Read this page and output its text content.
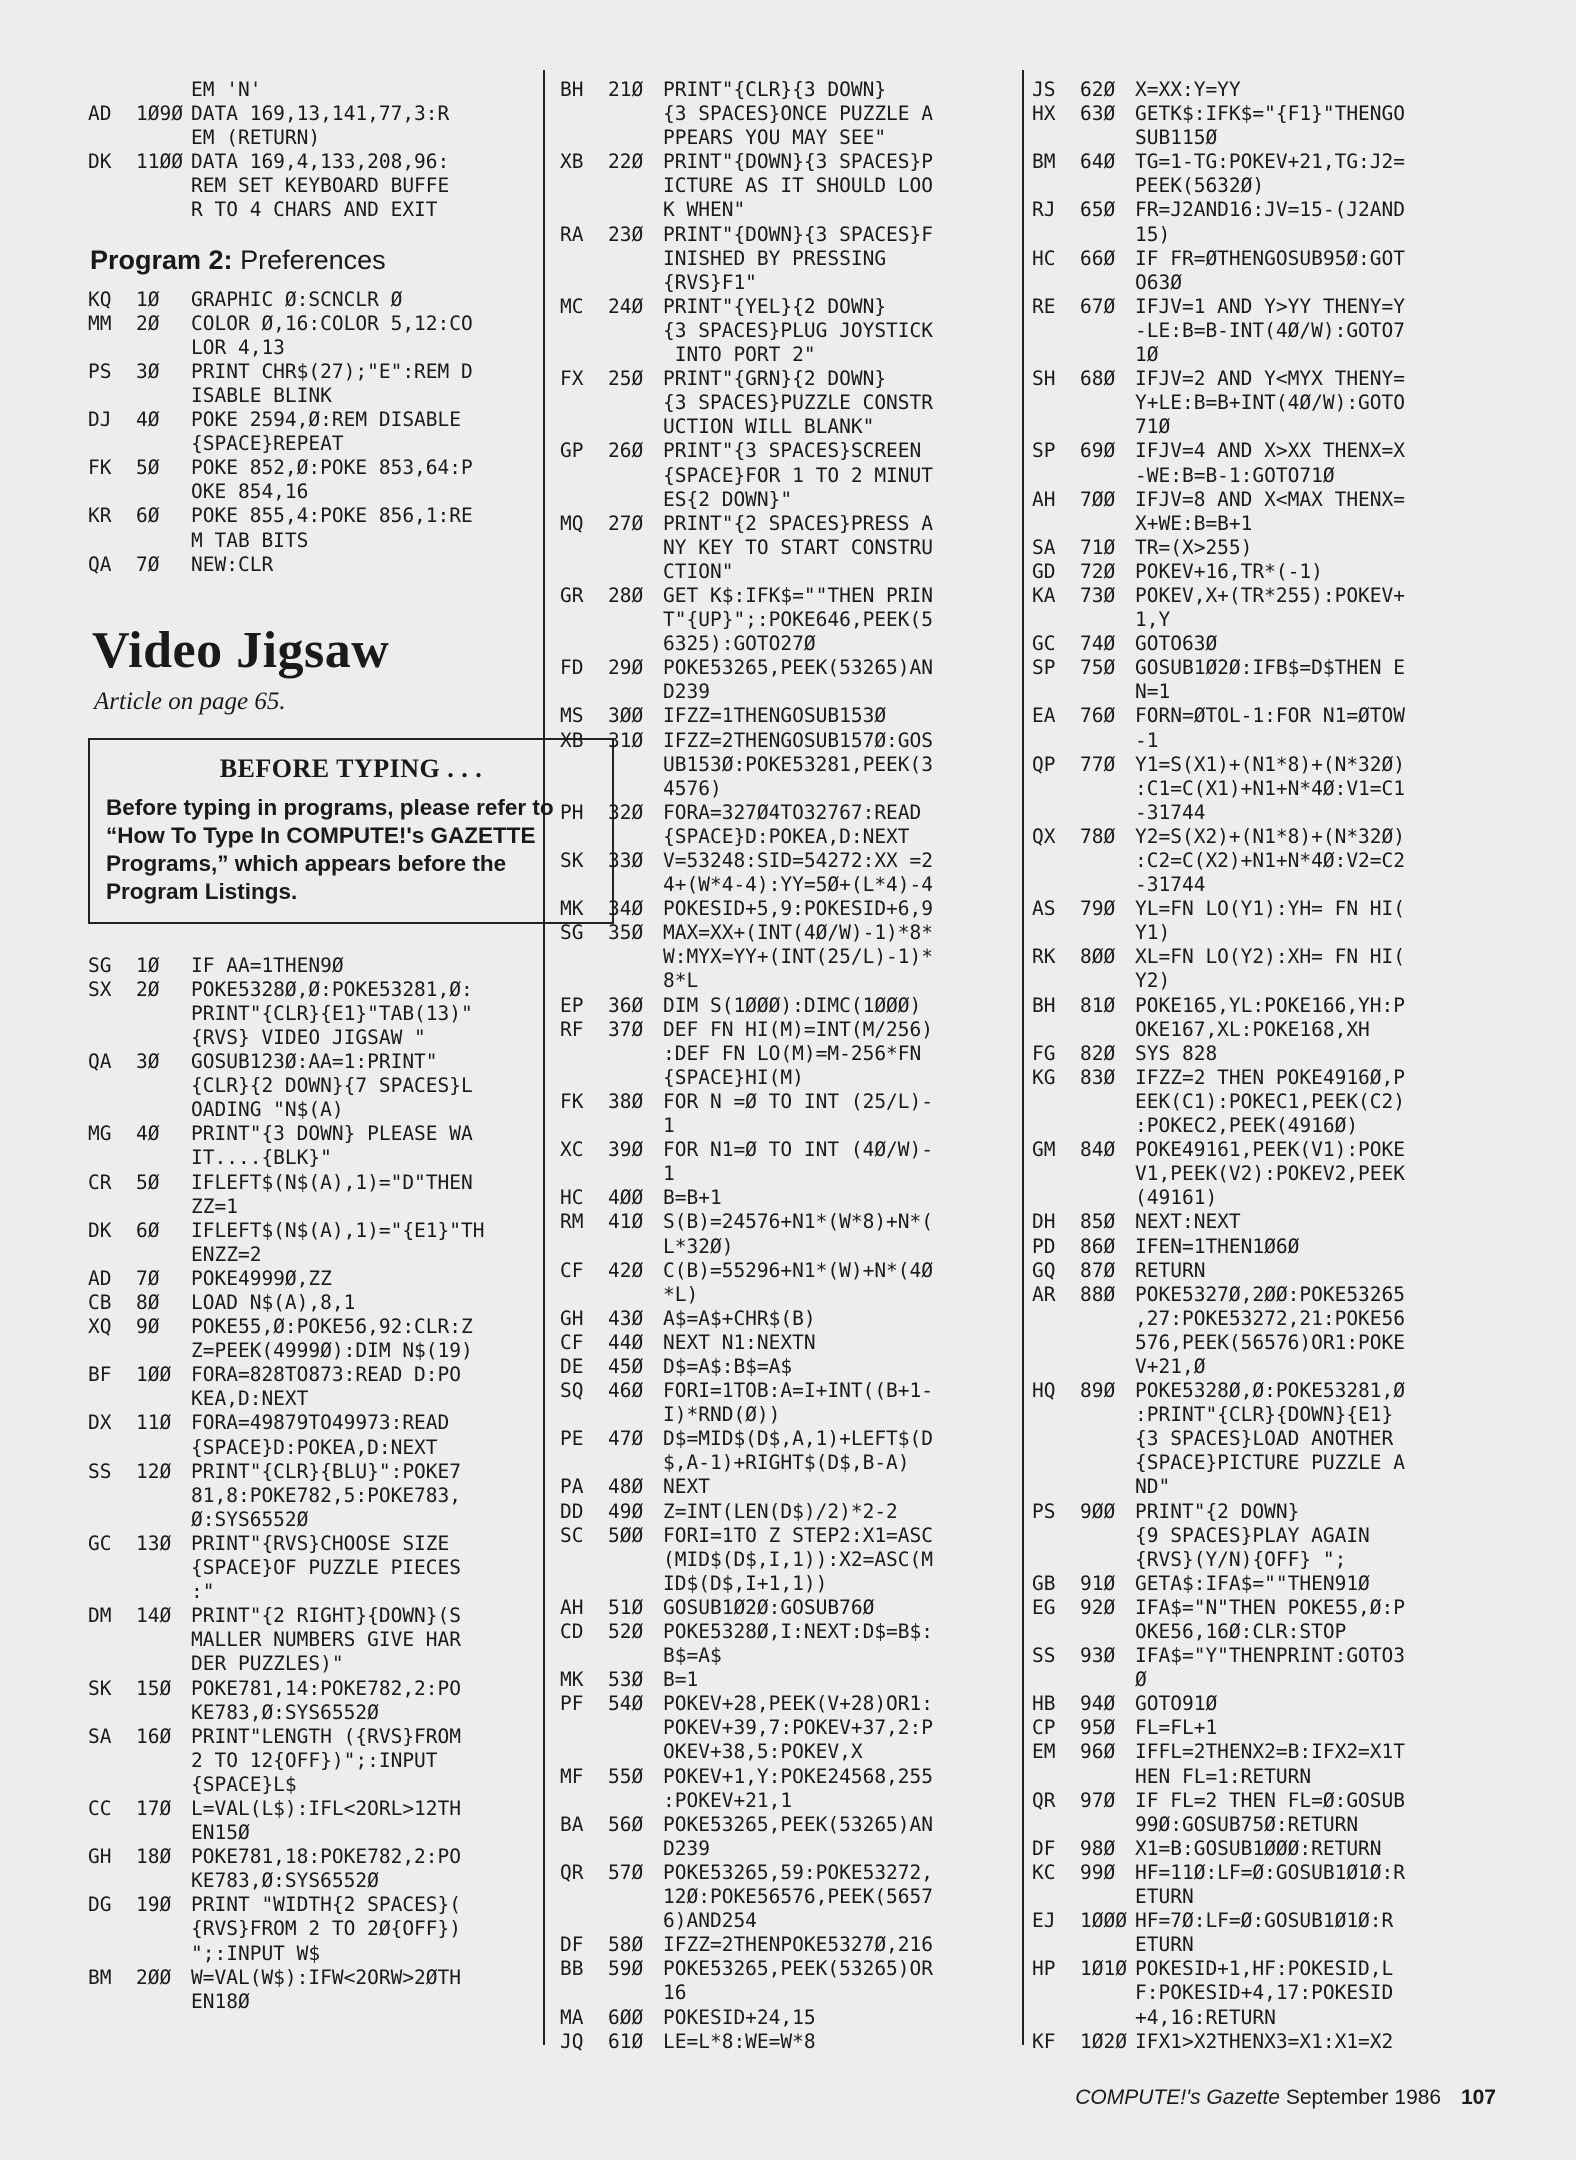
EM 'N'
AD	1Ø9Ø DATA 169,13,141,77,3:R
EM (RETURN)
DK	11ØØ DATA 169,4,133,208,96:
REM SET KEYBOARD BUFFE
R TO 4 CHARS AND EXIT
Program 2: Preferences
KQ	1Ø	GRAPHIC Ø:SCNCLR Ø
MM	2Ø	COLOR Ø,16:COLOR 5,12:CO
LOR 4,13
PS	3Ø	PRINT CHR$(27);"E":REM D
ISABLE BLINK
DJ	4Ø	POKE 2594,Ø:REM DISABLE
{SPACE}REPEAT
FK	5Ø	POKE 852,Ø:POKE 853,64:P
OKE 854,16
KR	6Ø	POKE 855,4:POKE 856,1:RE
M TAB BITS
QA	7Ø	NEW:CLR
Video Jigsaw
Article on page 65.
BEFORE TYPING . . .
Before typing in programs, please refer to “How To Type In COMPUTE!'s GAZETTE Programs,” which appears before the Program Listings.
SG	1Ø	IF AA=1THEN9Ø
SX	2Ø	POKE5328Ø,Ø:POKE53281,Ø:
PRINT"{CLR}{E1}"TAB(13)"
{RVS} VIDEO JIGSAW "
QA	3Ø	GOSUB123Ø:AA=1:PRINT"
{CLR}{2 DOWN}{7 SPACES}L
OADING "N$(A)
MG	4Ø	PRINT"{3 DOWN} PLEASE WA
IT....{BLK}"
CR	5Ø	IFLEFT$(N$(A),1)="D"THEN
ZZ=1
DK	6Ø	IFLEFT$(N$(A),1)="{E1}"TH
ENZZ=2
AD	7Ø	POKE4999Ø,ZZ
CB	8Ø	LOAD N$(A),8,1
XQ	9Ø	POKE55,Ø:POKE56,92:CLR:Z
Z=PEEK(4999Ø):DIM N$(19)
BF	1ØØ	FORA=828TO873:READ D:PO
KEA,D:NEXT
DX	11Ø	FORA=49879TO49973:READ
{SPACE}D:POKEA,D:NEXT
SS	12Ø	PRINT"{CLR}{BLU}":POKE7
81,8:POKE782,5:POKE783,
Ø:SYS6552Ø
GC	13Ø	PRINT"{RVS}CHOOSE SIZE
{SPACE}OF PUZZLE PIECES
:"
DM	14Ø	PRINT"{2 RIGHT}{DOWN}(S
MALLER NUMBERS GIVE HAR
DER PUZZLES)"
SK	15Ø	POKE781,14:POKE782,2:PO
KE783,Ø:SYS6552Ø
SA	16Ø	PRINT"LENGTH ({RVS}FROM
2 TO 12{OFF})";:INPUT
{SPACE}L$
CC	17Ø	L=VAL(L$):IFL<2ORL>12TH
EN15Ø
GH	18Ø	POKE781,18:POKE782,2:PO
KE783,Ø:SYS6552Ø
DG	19Ø	PRINT "WIDTH{2 SPACES}(
{RVS}FROM 2 TO 2Ø{OFF})
";:INPUT W$
BM	2ØØ	W=VAL(W$):IFW<2ORW>2ØTH
EN18Ø
BH	21Ø	PRINT"{CLR}{3 DOWN}
{3 SPACES}ONCE PUZZLE A
PPEARS YOU MAY SEE"
XB	22Ø	PRINT"{DOWN}{3 SPACES}P
ICTURE AS IT SHOULD LOO
K WHEN"
RA	23Ø	PRINT"{DOWN}{3 SPACES}F
INISHED BY PRESSING
{RVS}F1"
MC	24Ø	PRINT"{YEL}{2 DOWN}
{3 SPACES}PLUG JOYSTICK
INTO PORT 2"
FX	25Ø	PRINT"{GRN}{2 DOWN}
{3 SPACES}PUZZLE CONSTR
UCTION WILL BLANK"
GP	26Ø	PRINT"{3 SPACES}SCREEN
{SPACE}FOR 1 TO 2 MINUT
ES{2 DOWN}"
MQ	27Ø	PRINT"{2 SPACES}PRESS A
NY KEY TO START CONSTRU
CTION"
GR	28Ø	GET K$:IFK$=""THEN PRIN
T"{UP}";:POKE646,PEEK(5
6325):GOTO27Ø
FD	29Ø	POKE53265,PEEK(53265)AN
D239
MS	3ØØ	IFZZ=1THENGOSUB153Ø
XB	31Ø	IFZZ=2THENGOSUB157Ø:GOS
UB153Ø:POKE53281,PEEK(3
4576)
PH	32Ø	FORA=327Ø4TO32767:READ
{SPACE}D:POKEA,D:NEXT
SK	33Ø	V=53248:SID=54272:XX =2
4+(W*4-4):YY=5Ø+(L*4)-4
MK	34Ø	POKESID+5,9:POKESID+6,9
SG	35Ø	MAX=XX+(INT(4Ø/W)-1)*8*
W:MYX=YY+(INT(25/L)-1)*
8*L
EP	36Ø	DIM S(1ØØØ):DIMC(1ØØØ)
RF	37Ø	DEF FN HI(M)=INT(M/256)
:DEF FN LO(M)=M-256*FN
{SPACE}HI(M)
FK	38Ø	FOR N =Ø TO INT (25/L)-
1
XC	39Ø	FOR N1=Ø TO INT (4Ø/W)-
1
HC	4ØØ	B=B+1
RM	41Ø	S(B)=24576+N1*(W*8)+N*(
L*32Ø)
CF	42Ø	C(B)=55296+N1*(W)+N*(4Ø
*L)
GH	43Ø	A$=A$+CHR$(B)
CF	44Ø	NEXT N1:NEXTN
DE	45Ø	D$=A$:B$=A$
SQ	46Ø	FORI=1TOB:A=I+INT((B+1-
I)*RND(Ø))
PE	47Ø	D$=MID$(D$,A,1)+LEFT$(D
$,A-1)+RIGHT$(D$,B-A)
PA	48Ø	NEXT
DD	49Ø	Z=INT(LEN(D$)/2)*2-2
SC	5ØØ	FORI=1TO Z STEP2:X1=ASC
(MID$(D$,I,1)):X2=ASC(M
ID$(D$,I+1,1))
AH	51Ø	GOSUB1Ø2Ø:GOSUB76Ø
CD	52Ø	POKE5328Ø,I:NEXT:D$=B$:
B$=A$
MK	53Ø	B=1
PF	54Ø	POKEV+28,PEEK(V+28)OR1:
POKEV+39,7:POKEV+37,2:P
OKEV+38,5:POKEV,X
MF	55Ø	POKEV+1,Y:POKE24568,255
:POKEV+21,1
BA	56Ø	POKE53265,PEEK(53265)AN
D239
QR	57Ø	POKE53265,59:POKE53272,
12Ø:POKE56576,PEEK(5657
6)AND254
DF	58Ø	IFZZ=2THENPOKE5327Ø,216
BB	59Ø	POKE53265,PEEK(53265)OR
16
MA	6ØØ	POKESID+24,15
JQ	61Ø	LE=L*8:WE=W*8
JS	62Ø	X=XX:Y=YY
HX	63Ø	GETK$:IFK$="{F1}"THENGO
SUB115Ø
BM	64Ø	TG=1-TG:POKEV+21,TG:J2=
PEEK(5632Ø)
RJ	65Ø	FR=J2AND16:JV=15-(J2AND
15)
HC	66Ø	IF FR=ØTHENGOSUB95Ø:GOT
O63Ø
RE	67Ø	IFJV=1 AND Y>YY THENY=Y
-LE:B=B-INT(4Ø/W):GOTO7
1Ø
SH	68Ø	IFJV=2 AND Y<MYX THENY=
Y+LE:B=B+INT(4Ø/W):GOTO
71Ø
SP	69Ø	IFJV=4 AND X>XX THENX=X
-WE:B=B-1:GOTO71Ø
AH	7ØØ	IFJV=8 AND X<MAX THENX=
X+WE:B=B+1
SA	71Ø	TR=(X>255)
GD	72Ø	POKEV+16,TR*(-1)
KA	73Ø	POKEV,X+(TR*255):POKEV+
1,Y
GC	74Ø	GOTO63Ø
SP	75Ø	GOSUB1Ø2Ø:IFB$=D$THEN E
N=1
EA	76Ø	FORN=ØTOL-1:FOR N1=ØTOW
-1
QP	77Ø	Y1=S(X1)+(N1*8)+(N*32Ø)
:C1=C(X1)+N1+N*4Ø:V1=C1
-31744
QX	78Ø	Y2=S(X2)+(N1*8)+(N*32Ø)
:C2=C(X2)+N1+N*4Ø:V2=C2
-31744
AS	79Ø	YL=FN LO(Y1):YH= FN HI(
Y1)
RK	8ØØ	XL=FN LO(Y2):XH= FN HI(
Y2)
BH	81Ø	POKE165,YL:POKE166,YH:P
OKE167,XL:POKE168,XH
FG	82Ø	SYS 828
KG	83Ø	IFZZ=2 THEN POKE4916Ø,P
EEK(C1):POKEC1,PEEK(C2)
:POKEC2,PEEK(4916Ø)
GM	84Ø	POKE49161,PEEK(V1):POKE
V1,PEEK(V2):POKEV2,PEEK
(49161)
DH	85Ø	NEXT:NEXT
PD	86Ø	IFEN=1THEN1Ø6Ø
GQ	87Ø	RETURN
AR	88Ø	POKE5327Ø,2ØØ:POKE53265
,27:POKE53272,21:POKE56
576,PEEK(56576)OR1:POKE
V+21,Ø
HQ	89Ø	POKE5328Ø,Ø:POKE53281,Ø
:PRINT"{CLR}{DOWN}{E1}
{3 SPACES}LOAD ANOTHER
{SPACE}PICTURE PUZZLE A
ND"
PS	9ØØ	PRINT"{2 DOWN}
{9 SPACES}PLAY AGAIN
{RVS}(Y/N){OFF} ";
GB	91Ø	GETA$:IFA$=""THEN91Ø
EG	92Ø	IFA$="N"THEN POKE55,Ø:P
OKE56,16Ø:CLR:STOP
SS	93Ø	IFA$="Y"THENPRINT:GOTO3
Ø
HB	94Ø	GOTO91Ø
CP	95Ø	FL=FL+1
EM	96Ø	IFFL=2THENX2=B:IFX2=X1T
HEN FL=1:RETURN
QR	97Ø	IF FL=2 THEN FL=Ø:GOSUB
99Ø:GOSUB75Ø:RETURN
DF	98Ø	X1=B:GOSUB1ØØØ:RETURN
KC	99Ø	HF=11Ø:LF=Ø:GOSUB1Ø1Ø:R
ETURN
EJ	1ØØØ HF=7Ø:LF=Ø:GOSUB1Ø1Ø:R
ETURN
HP	1Ø1Ø POKESID+1,HF:POKESID,L
F:POKESID+4,17:POKESID
+4,16:RETURN
KF	1Ø2Ø IFX1>X2THENX3=X1:X1=X2
COMPUTE!'s Gazette September 1986 107
